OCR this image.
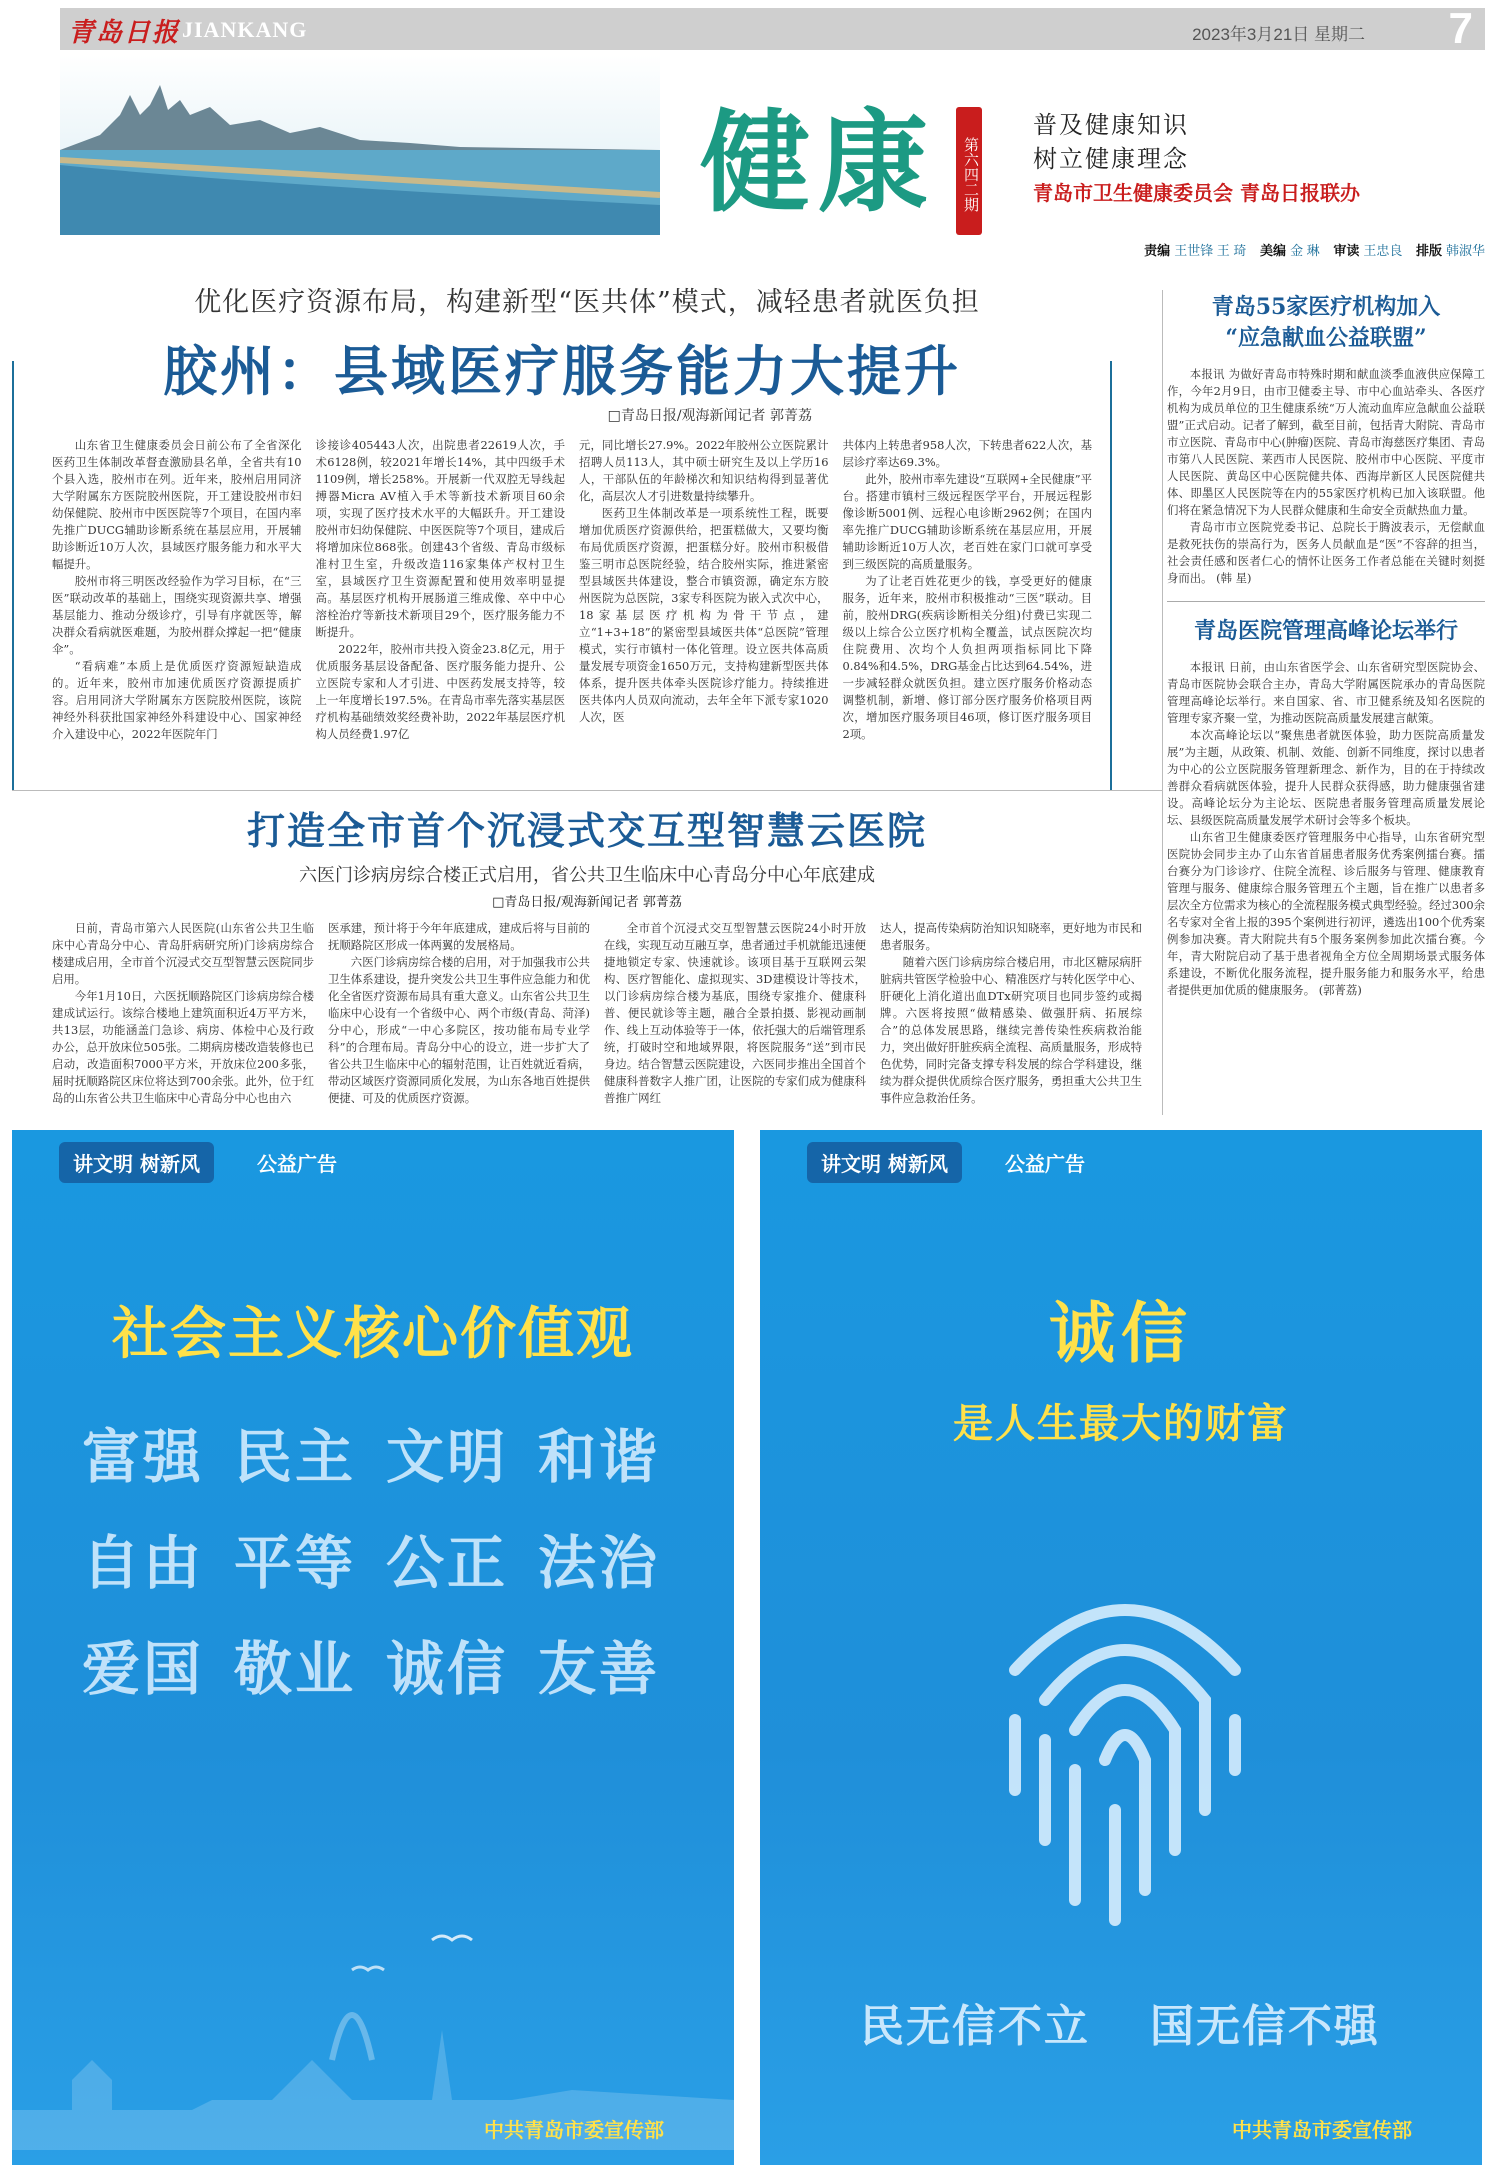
青岛日报 JIANKANG	2023年3月21日 星期二 7
健康	第六四二期
普及健康知识
树立健康理念
青岛市卫生健康委员会 青岛日报联办
责编 王世锋 王 琦 美编 金 琳 审读 王忠良 排版 韩淑华
优化医疗资源布局，构建新型“医共体”模式，减轻患者就医负担
胶州：县域医疗服务能力大提升
□青岛日报/观海新闻记者 郭菁荔

山东省卫生健康委员会日前公布了全省深化医药卫生体制改革督查激励县名单，全省共有10个县入选，胶州市在列。近年来，胶州启用同济大学附属东方医院胶州医院，开工建设胶州市妇幼保健院、胶州市中医医院等7个项目，在国内率先推广DUCG辅助诊断系统在基层应用，开展辅助诊断近10万人次，县域医疗服务能力和水平大幅提升。

胶州市将三明医改经验作为学习目标，在“三医”联动改革的基础上，围绕实现资源共享、增强基层能力、推动分级诊疗，引导有序就医等，解决群众看病就医难题，为胶州群众撑起一把“健康伞”。

“看病难”本质上是优质医疗资源短缺造成的。近年来，胶州市加速优质医疗资源提质扩容。启用同济大学附属东方医院胶州医院，该院神经外科获批国家神经外科建设中心、国家神经介入建设中心，2022年医院年门

诊接诊405443人次，出院患者22619人次，手术6128例，较2021年增长14%，其中四级手术1109例，增长258%。开展新一代双腔无导线起搏器Micra AV植入手术等新技术新项目60余项，实现了医疗技术水平的大幅跃升。开工建设胶州市妇幼保健院、中医医院等7个项目，建成后将增加床位868张。创建43个省级、青岛市级标准村卫生室，升级改造116家集体产权村卫生室，县域医疗卫生资源配置和使用效率明显提高。基层医疗机构开展肠道三维成像、卒中中心溶栓治疗等新技术新项目29个，医疗服务能力不断提升。

2022年，胶州市共投入资金23.8亿元，用于优质服务基层设备配备、医疗服务能力提升、公立医院专家和人才引进、中医药发展支持等，较上一年度增长197.5%。在青岛市率先落实基层医疗机构基础绩效奖经费补助，2022年基层医疗机构人员经费1.97亿

元，同比增长27.9%。2022年胶州公立医院累计招聘人员113人，其中硕士研究生及以上学历16人，干部队伍的年龄梯次和知识结构得到显著优化，高层次人才引进数量持续攀升。

医药卫生体制改革是一项系统性工程，既要增加优质医疗资源供给，把蛋糕做大，又要均衡布局优质医疗资源，把蛋糕分好。胶州市积极借鉴三明市总医院经验，结合胶州实际，推进紧密型县域医共体建设，整合市镇资源，确定东方胶州医院为总医院，3家专科医院为嵌入式次中心，18家基层医疗机构为骨干节点，建立“1+3+18”的紧密型县域医共体“总医院”管理模式，实行市镇村一体化管理。设立医共体高质量发展专项资金1650万元，支持构建新型医共体体系，提升医共体牵头医院诊疗能力。持续推进医共体内人员双向流动，去年全年下派专家1020人次，医

共体内上转患者958人次，下转患者622人次，基层诊疗率达69.3%。

此外，胶州市率先建设“互联网+全民健康”平台。搭建市镇村三级远程医学平台，开展远程影像诊断5001例、远程心电诊断2962例；在国内率先推广DUCG辅助诊断系统在基层应用，开展辅助诊断近10万人次，老百姓在家门口就可享受到三级医院的高质量服务。

为了让老百姓花更少的钱，享受更好的健康服务，近年来，胶州市积极推动“三医”联动。目前，胶州DRG(疾病诊断相关分组)付费已实现二级以上综合公立医疗机构全覆盖，试点医院次均住院费用、次均个人负担两项指标同比下降0.84%和4.5%，DRG基金占比达到64.54%，进一步减轻群众就医负担。建立医疗服务价格动态调整机制，新增、修订部分医疗服务价格项目两次，增加医疗服务项目46项，修订医疗服务项目2项。

打造全市首个沉浸式交互型智慧云医院
六医门诊病房综合楼正式启用，省公共卫生临床中心青岛分中心年底建成
□青岛日报/观海新闻记者 郭菁荔

日前，青岛市第六人民医院(山东省公共卫生临床中心青岛分中心、青岛肝病研究所)门诊病房综合楼建成启用，全市首个沉浸式交互型智慧云医院同步启用。

今年1月10日，六医抚顺路院区门诊病房综合楼建成试运行。该综合楼地上建筑面积近4万平方米，共13层，功能涵盖门急诊、病房、体检中心及行政办公，总开放床位505张。二期病房楼改造装修也已启动，改造面积7000平方米，开放床位200多张，届时抚顺路院区床位将达到700余张。此外，位于红岛的山东省公共卫生临床中心青岛分中心也由六

医承建，预计将于今年年底建成，建成后将与目前的抚顺路院区形成一体两翼的发展格局。

六医门诊病房综合楼的启用，对于加强我市公共卫生体系建设，提升突发公共卫生事件应急能力和优化全省医疗资源布局具有重大意义。山东省公共卫生临床中心设有一个省级中心、两个市级(青岛、菏泽)分中心，形成“一中心多院区，按功能布局专业学科”的合理布局。青岛分中心的设立，进一步扩大了省公共卫生临床中心的辐射范围，让百姓就近看病，带动区域医疗资源同质化发展，为山东各地百姓提供便捷、可及的优质医疗资源。

全市首个沉浸式交互型智慧云医院24小时开放在线，实现互动互融互享，患者通过手机就能迅速便捷地锁定专家、快速就诊。该项目基于互联网云架构、医疗智能化、虚拟现实、3D建模设计等技术，以门诊病房综合楼为基底，围绕专家推介、健康科普、便民就诊等主题，融合全景拍摄、影视动画制作、线上互动体验等于一体，依托强大的后端管理系统，打破时空和地域界限，将医院服务“送”到市民身边。结合智慧云医院建设，六医同步推出全国首个健康科普数字人推广团，让医院的专家们成为健康科普推广网红

达人，提高传染病防治知识知晓率，更好地为市民和患者服务。

随着六医门诊病房综合楼启用，市北区糖尿病肝脏病共管医学检验中心、精准医疗与转化医学中心、肝硬化上消化道出血DTx研究项目也同步签约或揭牌。六医将按照“做精感染、做强肝病、拓展综合”的总体发展思路，继续完善传染性疾病救治能力，突出做好肝脏疾病全流程、高质量服务，形成特色优势，同时完备支撑专科发展的综合学科建设，继续为群众提供优质综合医疗服务，勇担重大公共卫生事件应急救治任务。

青岛55家医疗机构加入
“应急献血公益联盟”

本报讯 为做好青岛市特殊时期和献血淡季血液供应保障工作，今年2月9日，由市卫健委主导、市中心血站牵头、各医疗机构为成员单位的卫生健康系统“万人流动血库应急献血公益联盟”正式启动。记者了解到，截至目前，包括青大附院、青岛市市立医院、青岛市中心(肿瘤)医院、青岛市海慈医疗集团、青岛市第八人民医院、莱西市人民医院、胶州市中心医院、平度市人民医院、黄岛区中心医院健共体、西海岸新区人民医院健共体、即墨区人民医院等在内的55家医疗机构已加入该联盟。他们将在紧急情况下为人民群众健康和生命安全贡献热血力量。

青岛市市立医院党委书记、总院长于腾波表示，无偿献血是救死扶伤的崇高行为，医务人员献血是“医”不容辞的担当，社会责任感和医者仁心的情怀让医务工作者总能在关键时刻挺身而出。 (韩 星)

青岛医院管理高峰论坛举行

本报讯 日前，由山东省医学会、山东省研究型医院协会、青岛市医院协会联合主办，青岛大学附属医院承办的青岛医院管理高峰论坛举行。来自国家、省、市卫健系统及知名医院的管理专家齐聚一堂，为推动医院高质量发展建言献策。

本次高峰论坛以“聚焦患者就医体验，助力医院高质量发展”为主题，从政策、机制、效能、创新不同维度，探讨以患者为中心的公立医院服务管理新理念、新作为，目的在于持续改善群众看病就医体验，提升人民群众获得感，助力健康强省建设。高峰论坛分为主论坛、医院患者服务管理高质量发展论坛、县级医院高质量发展学术研讨会等多个板块。

山东省卫生健康委医疗管理服务中心指导，山东省研究型医院协会同步主办了山东省首届患者服务优秀案例擂台赛。擂台赛分为门诊诊疗、住院全流程、诊后服务与管理、健康教育管理与服务、健康综合服务管理五个主题，旨在推广以患者多层次全方位需求为核心的全流程服务模式典型经验。经过300余名专家对全省上报的395个案例进行初评，遴选出100个优秀案例参加决赛。青大附院共有5个服务案例参加此次擂台赛。今年，青大附院启动了基于患者视角全方位全周期场景式服务体系建设，不断优化服务流程，提升服务能力和服务水平，给患者提供更加优质的健康服务。 (郭菁荔)

讲文明 树新风	公益广告
社会主义核心价值观
富强 民主 文明 和谐
自由 平等 公正 法治
爱国 敬业 诚信 友善
中共青岛市委宣传部
讲文明 树新风	公益广告
诚信
是人生最大的财富
民无信不立 国无信不强
中共青岛市委宣传部
